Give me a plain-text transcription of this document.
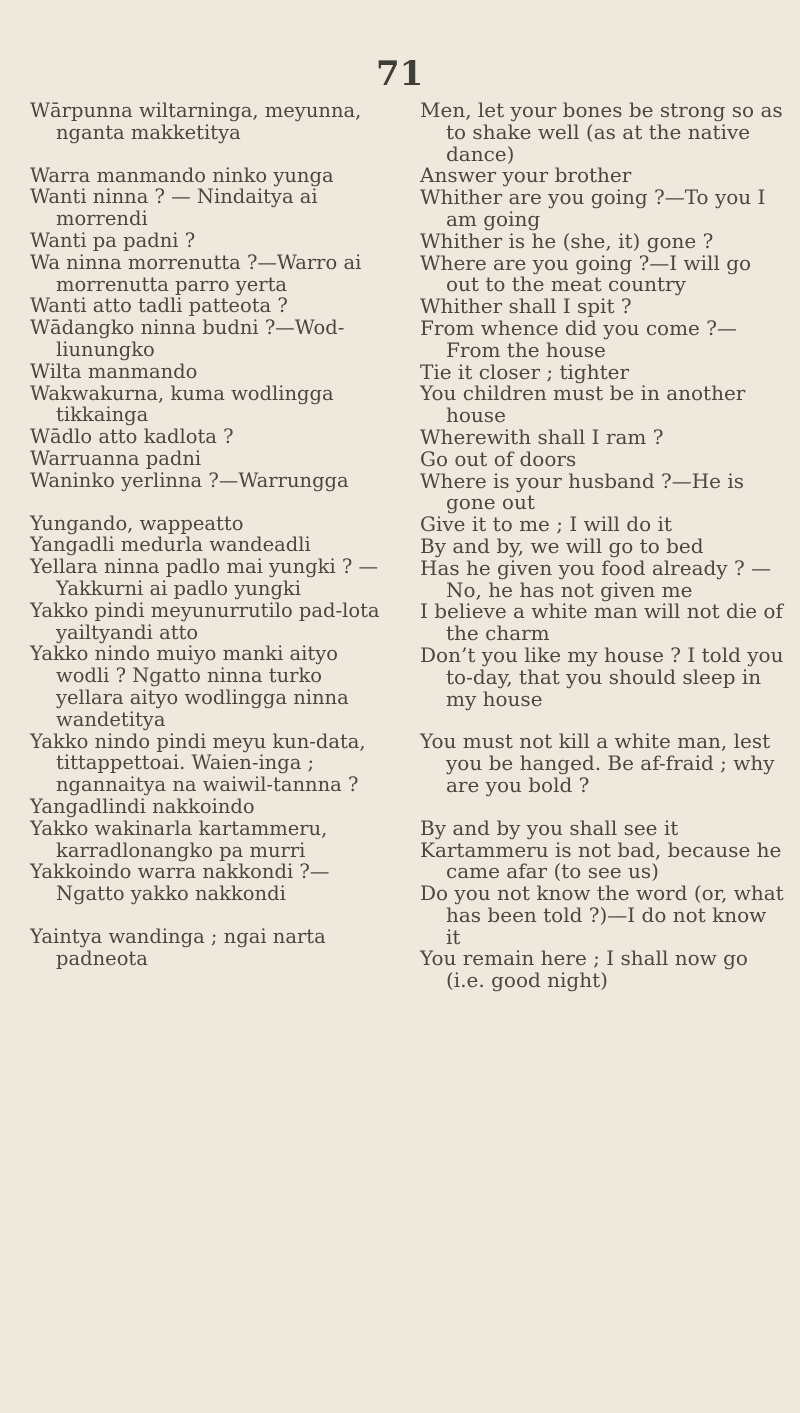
71
Wārpunna wiltarninga, meyunna, nganta makketitya
Warra manmando ninko yunga
Wanti ninna ? — Nindaitya ai morrendi
Wanti pa padni ?
Wa ninna morrenutta ?—Warro ai morrenutta parro yerta
Wanti atto tadli patteota ?
Wādangko ninna budni ?—Wod-liunungko
Wilta manmando
Wakwakurna, kuma wodlingga tikkainga
Wādlo atto kadlota ?
Warruanna padni
Waninko yerlinna ?—Warrungga
Yungando, wappeatto
Yangadli medurla wandeadli
Yellara ninna padlo mai yungki ? —Yakkurni ai padlo yungki
Yakko pindi meyunurrutilo pad-lota yailtyandi atto
Yakko nindo muiyo manki aityo wodli ? Ngatto ninna turko yellara aityo wodlingga ninna wandetitya
Yakko nindo pindi meyu kun-data, tittappettoai. Waien-inga ; ngannaitya na waiwil-tannna ?
Yangadlindi nakkoindo
Yakko wakinarla kartammeru, karradlonangko pa murri
Yakkoindo warra nakkondi ?— Ngatto yakko nakkondi
Yaintya wandinga ; ngai narta padneota
Men, let your bones be strong so as to shake well (as at the native dance)
Answer your brother
Whither are you going ?—To you I am going
Whither is he (she, it) gone ?
Where are you going ?—I will go out to the meat country
Whither shall I spit ?
From whence did you come ?— From the house
Tie it closer ; tighter
You children must be in another house
Wherewith shall I ram ?
Go out of doors
Where is your husband ?—He is gone out
Give it to me ; I will do it
By and by, we will go to bed
Has he given you food already ? —No, he has not given me
I believe a white man will not die of the charm
Don’t you like my house ? I told you to-day, that you should sleep in my house
You must not kill a white man, lest you be hanged. Be af-fraid ; why are you bold ?
By and by you shall see it
Kartammeru is not bad, because he came afar (to see us)
Do you not know the word (or, what has been told ?)—I do not know it
You remain here ; I shall now go (i.e. good night)
